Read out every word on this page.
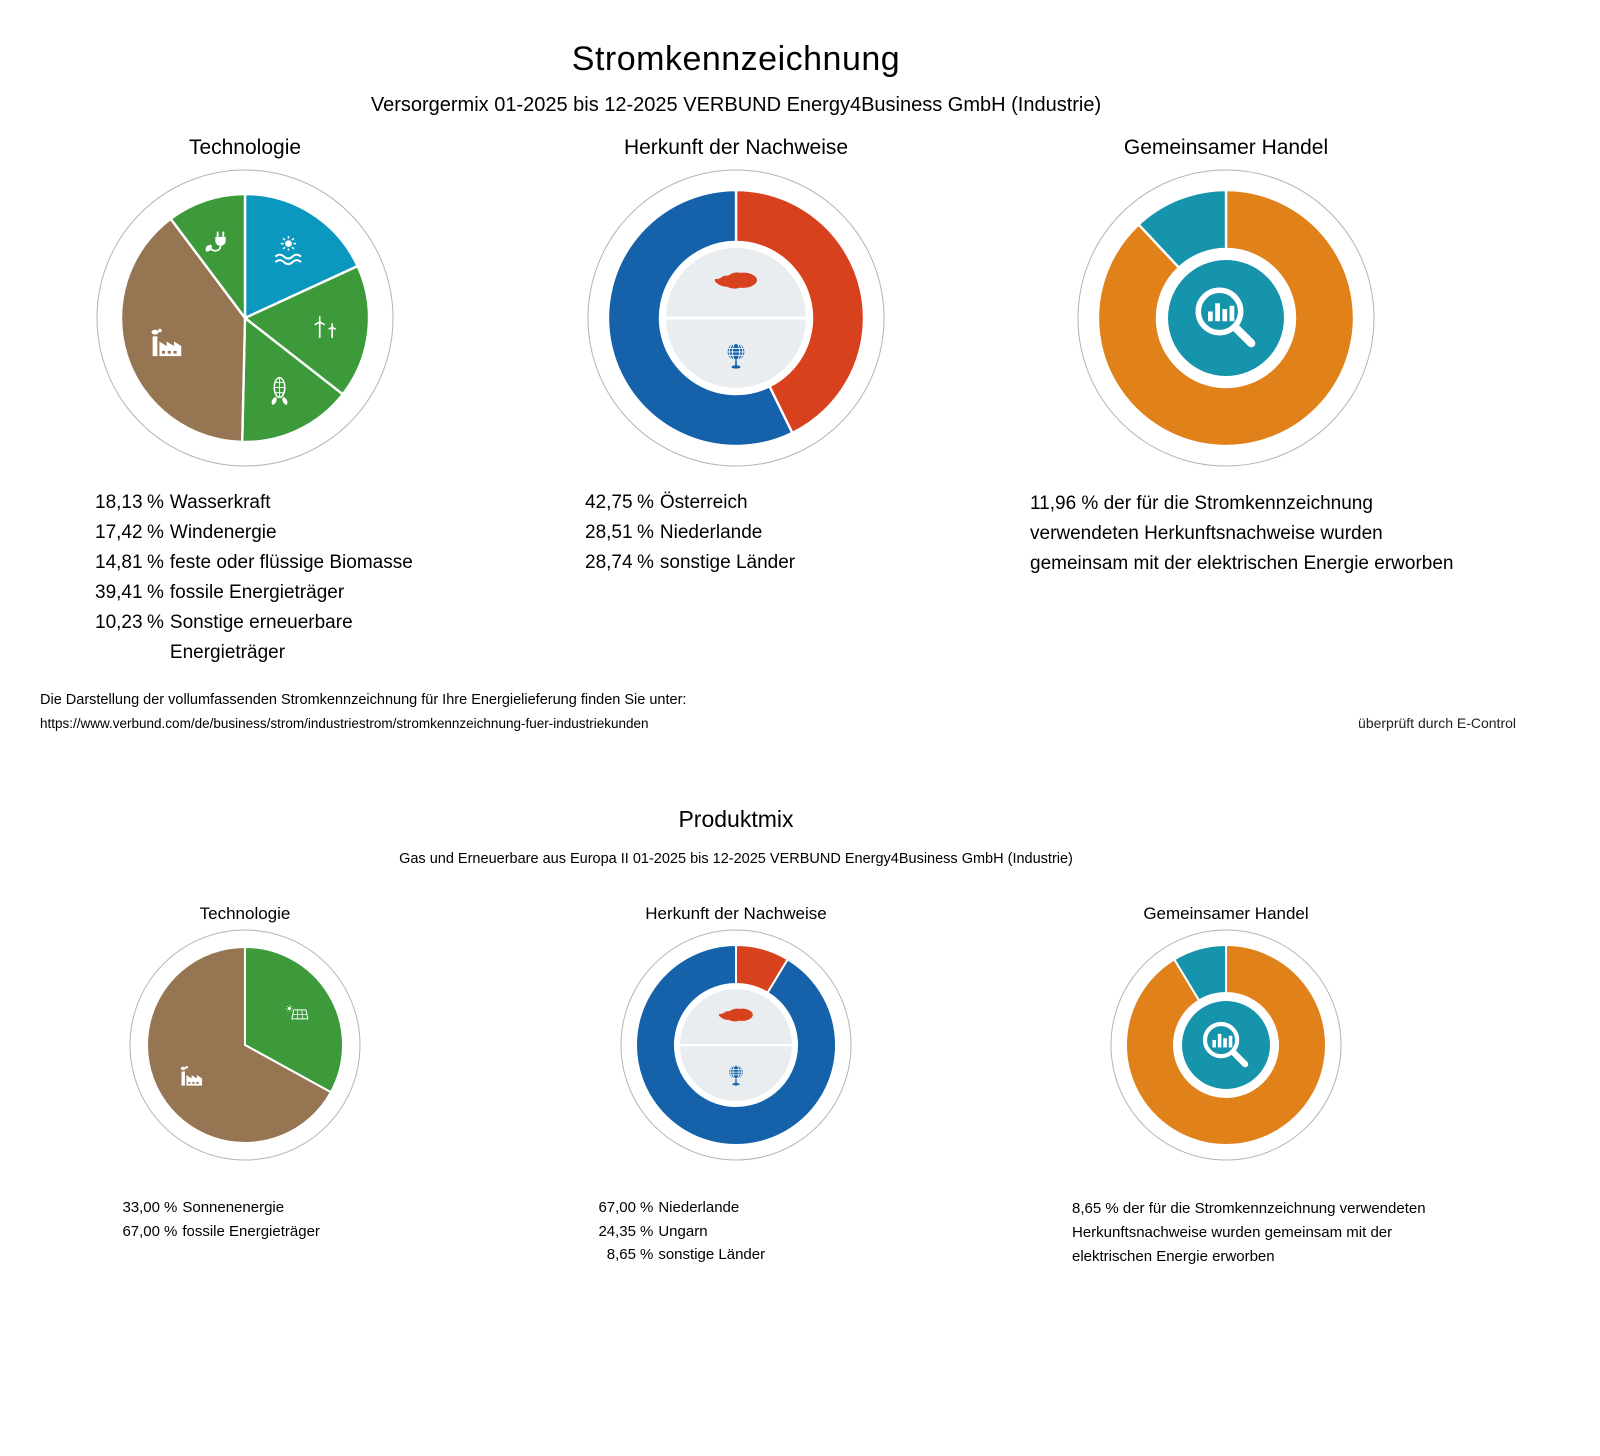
Stromkennzeichnung
Versorgermix 01-2025 bis 12-2025 VERBUND Energy4Business GmbH (Industrie)
Technologie	Herkunft der Nachweise	Gemeinsamer Handel
18,13 % Wasserkraft
17,42 % Windenergie
14,81 % feste oder flüssige Biomasse
39,41 % fossile Energieträger
10,23 % Sonstige erneuerbare Energieträger
42,75 % Österreich
28,51 % Niederlande
28,74 % sonstige Länder
11,96 % der für die Stromkennzeichnung verwendeten Herkunftsnachweise wurden gemeinsam mit der elektrischen Energie erworben
Die Darstellung der vollumfassenden Stromkennzeichnung für Ihre Energielieferung finden Sie unter:
https://www.verbund.com/de/business/strom/industriestrom/stromkennzeichnung-fuer-industriekunden	überprüft durch E-Control
Produktmix
Gas und Erneuerbare aus Europa II 01-2025 bis 12-2025 VERBUND Energy4Business GmbH (Industrie)
Technologie	Herkunft der Nachweise	Gemeinsamer Handel
33,00 % Sonnenenergie
67,00 % fossile Energieträger
67,00 % Niederlande
24,35 % Ungarn
8,65 % sonstige Länder
8,65 % der für die Stromkennzeichnung verwendeten Herkunftsnachweise wurden gemeinsam mit der elektrischen Energie erworben
